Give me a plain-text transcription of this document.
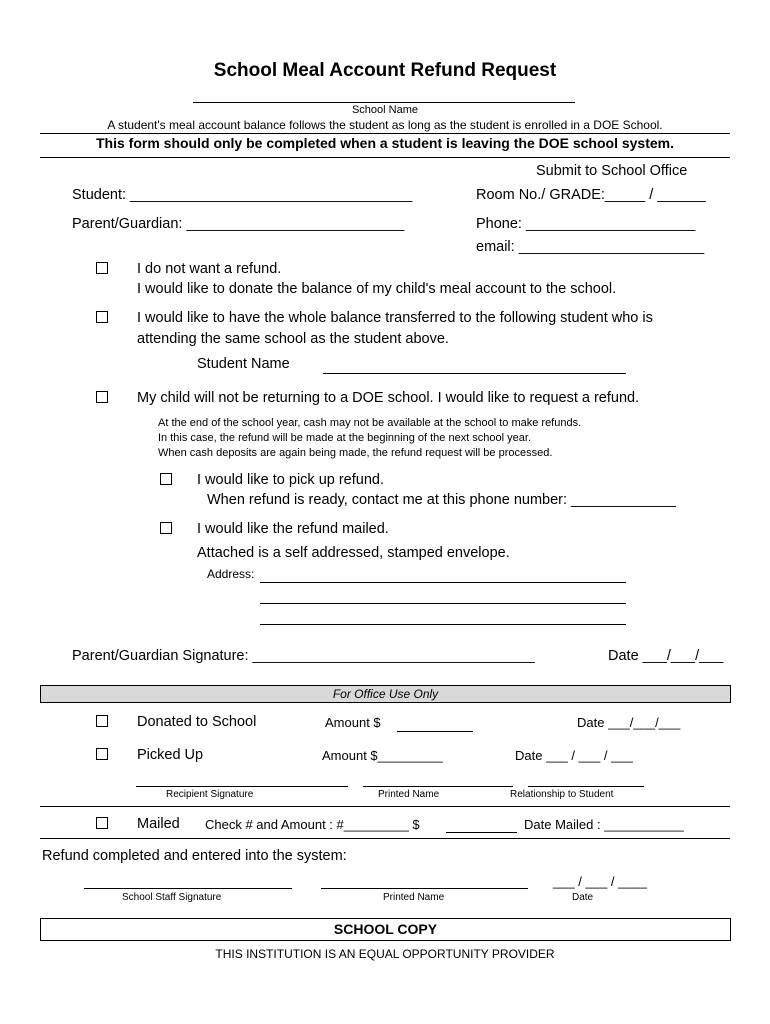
School Meal Account Refund Request
School Name
A student's meal account balance follows the student as long as the student is enrolled in a DOE School.
This form should only be completed when a student is leaving the DOE school system.
Submit to School Office
Student: ___________________________________	Room No./ GRADE:_____ / ______
Parent/Guardian: ___________________________	Phone: _____________________
email: _______________________
I do not want a refund.
I would like to donate the balance of my child's meal account to the school.
I would like to have the whole balance transferred to the following student who is
attending the same school as the student above.
Student Name
My child will not be returning to a DOE school. I would like to request a refund.
At the end of the school year, cash may not be available at the school to make refunds.
In this case, the refund will be made at the beginning of the next school year.
When cash deposits are again being made, the refund request will be processed.
I would like to pick up refund.
When refund is ready, contact me at this phone number: _____________
I would like the refund mailed.
Attached is a self addressed, stamped envelope.
Address:
Parent/Guardian Signature: ___________________________________	Date ___/___/___
For Office Use Only
Donated to School	Amount $	Date ___/___/___
Picked Up	Amount $_________	Date ___ / ___ / ___
Recipient Signature	Printed Name	Relationship to Student
Mailed Check # and Amount : #_________ $	Date Mailed : ___________
Refund completed and entered into the system:
___ / ___ / ____
School Staff Signature	Printed Name	Date
SCHOOL COPY
THIS INSTITUTION IS AN EQUAL OPPORTUNITY PROVIDER
